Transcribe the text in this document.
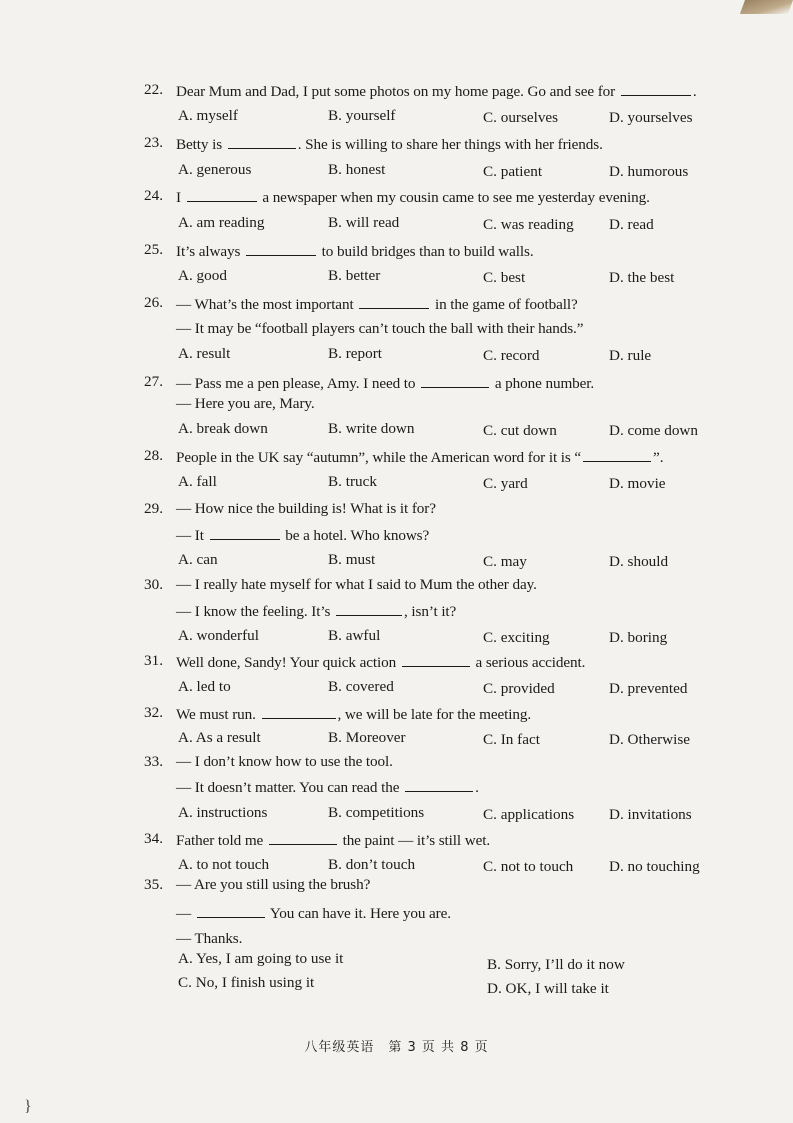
22. Dear Mum and Dad, I put some photos on my home page. Go and see for	.
A. myself	B. yourself	C. ourselves	D. yourselves
23. Betty is	. She is willing to share her things with her friends.
A. generous	B. honest	C. patient	D. humorous
24. I	a newspaper when my cousin came to see me yesterday evening.
A. am reading	B. will read	C. was reading D. read
25. It’s always	to build bridges than to build walls.
A. good	B. better	C. best	D. the best
26. — What’s the most important	in the game of football?
— It may be “football players can’t touch the ball with their hands.”
A. result	B. report	C. record	D. rule
27. — Pass me a pen please, Amy. I need to	a phone number.
— Here you are, Mary.
A. break down	B. write down	C. cut down	D. come down
28. People in the UK say “autumn”, while the American word for it is “	”.
A. fall	B. truck	C. yard	D. movie
29. — How nice the building is! What is it for?
— It	be a hotel. Who knows?
A. can	B. must	C. may	D. should
30. — I really hate myself for what I said to Mum the other day.
— I know the feeling. It’s	, isn’t it?
A. wonderful	B. awful	C. exciting	D. boring
31. Well done, Sandy! Your quick action	a serious accident.
A. led to	B. covered	C. provided	D. prevented
32. We must run.	, we will be late for the meeting.
A. As a result	B. Moreover	C. In fact	D. Otherwise
33. — I don’t know how to use the tool.
— It doesn’t matter. You can read the	.
A. instructions	B. competitions	C. applications D. invitations
34. Father told me	the paint — it’s still wet.
A. to not touch	B. don’t touch	C. not to touch D. no touching
35. — Are you still using the brush?
—	You can have it. Here you are.
— Thanks.
A. Yes, I am going to use it	B. Sorry, I’ll do it now
C. No, I finish using it	D. OK, I will take it
八年级英语　第 3 页 共 8 页
}
